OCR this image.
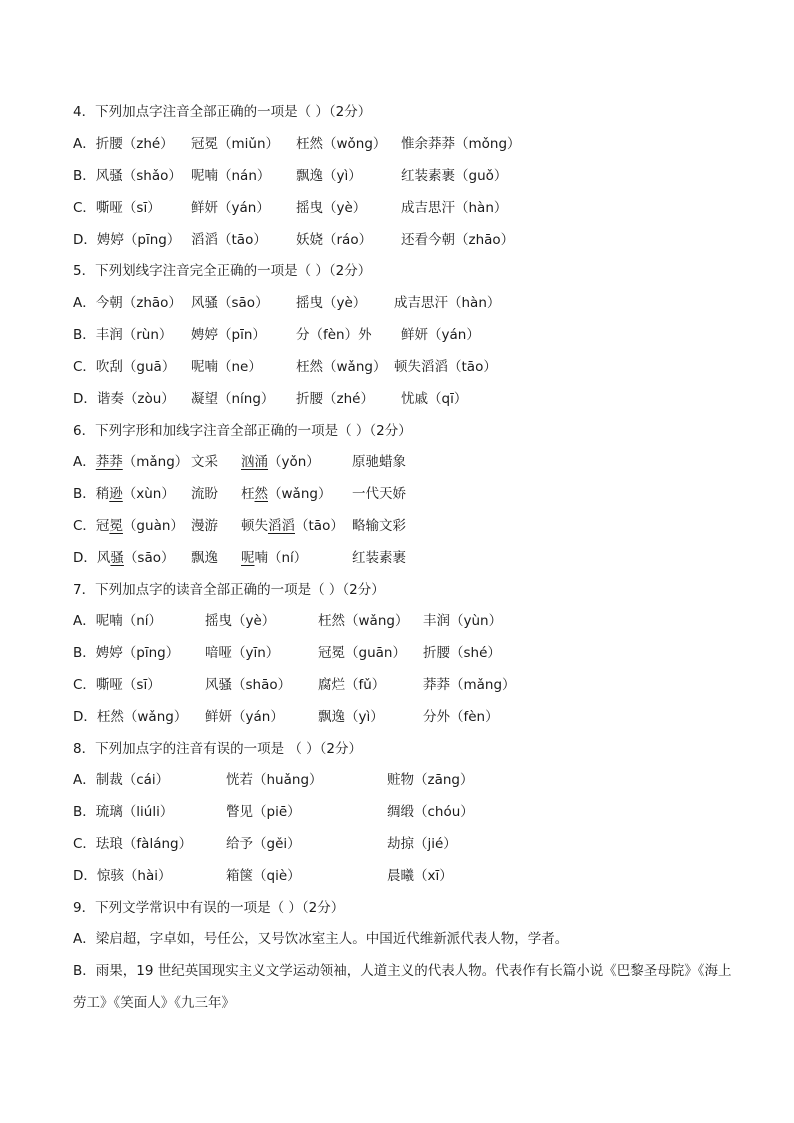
4．下列加点字注音全部正确的一项是（ ）（2分）
A．折腰（zhé） 冠冕（miǔn） 枉然（wǒng） 惟余莽莽（mǒng）
B．风骚（shǎo） 呢喃（nán） 飘逸（yì）	红装素裹（guǒ）
C．嘶哑（sī） 鲜妍（yán） 摇曳（yè）	成吉思汗（hàn）
D．娉婷（pīng） 滔滔（tāo） 妖娆（ráo） 还看今朝（zhāo）
5．下列划线字注音完全正确的一项是（ ）（2分）
A．今朝（zhāo） 风骚（sāo） 摇曳（yè） 成吉思汗（hàn）
B．丰润（rùn） 娉婷（pīn） 分（fèn）外 鲜妍（yán）
C．吹刮（guā） 呢喃（ne）	枉然（wǎng） 顿失滔滔（tāo）
D．谐奏（zòu） 凝望（níng） 折腰（zhé） 忧戚（qī）
6．下列字形和加线字注音全部正确的一项是（ ）（2分）
A．莽莽（mǎng） 文采 汹涌（yǒn） 原驰蜡象
B．稍逊（xùn） 流盼 枉然（wǎng） 一代天娇
C．冠冕（guàn） 漫游 顿失滔滔（tāo） 略输文彩
D．风骚（sāo） 飘逸 呢喃（ní）	红装素裹
7．下列加点字的读音全部正确的一项是（ ）（2分）
A．呢喃（ní）	摇曳（yè）	枉然（wǎng） 丰润（yùn）
B．娉婷（pīng） 喑哑（yīn）	冠冕（guān） 折腰（shé）
C．嘶哑（sī）	风骚（shāo） 腐烂（fǔ）	莽莽（mǎng）
D．枉然（wǎng） 鲜妍（yán）	飘逸（yì）	分外（fèn）
8．下列加点字的注音有误的一项是 （ ）（2分）
A．制裁（cái）	恍若（huǎng）	赃物（zāng）
B．琉璃（liúli）	瞥见（piē）	绸缎（chóu）
C．珐琅（fàláng）	给予（gěi）	劫掠（jié）
D．惊骇（hài）	箱箧（qiè）	晨曦（xī）
9．下列文学常识中有误的一项是（ ）（2分）
A．梁启超，字卓如，号任公，又号饮冰室主人。中国近代维新派代表人物，学者。
B．雨果，19 世纪英国现实主义文学运动领袖，人道主义的代表人物。代表作有长篇小说《巴黎圣母院》《海上劳工》《笑面人》《九三年》
